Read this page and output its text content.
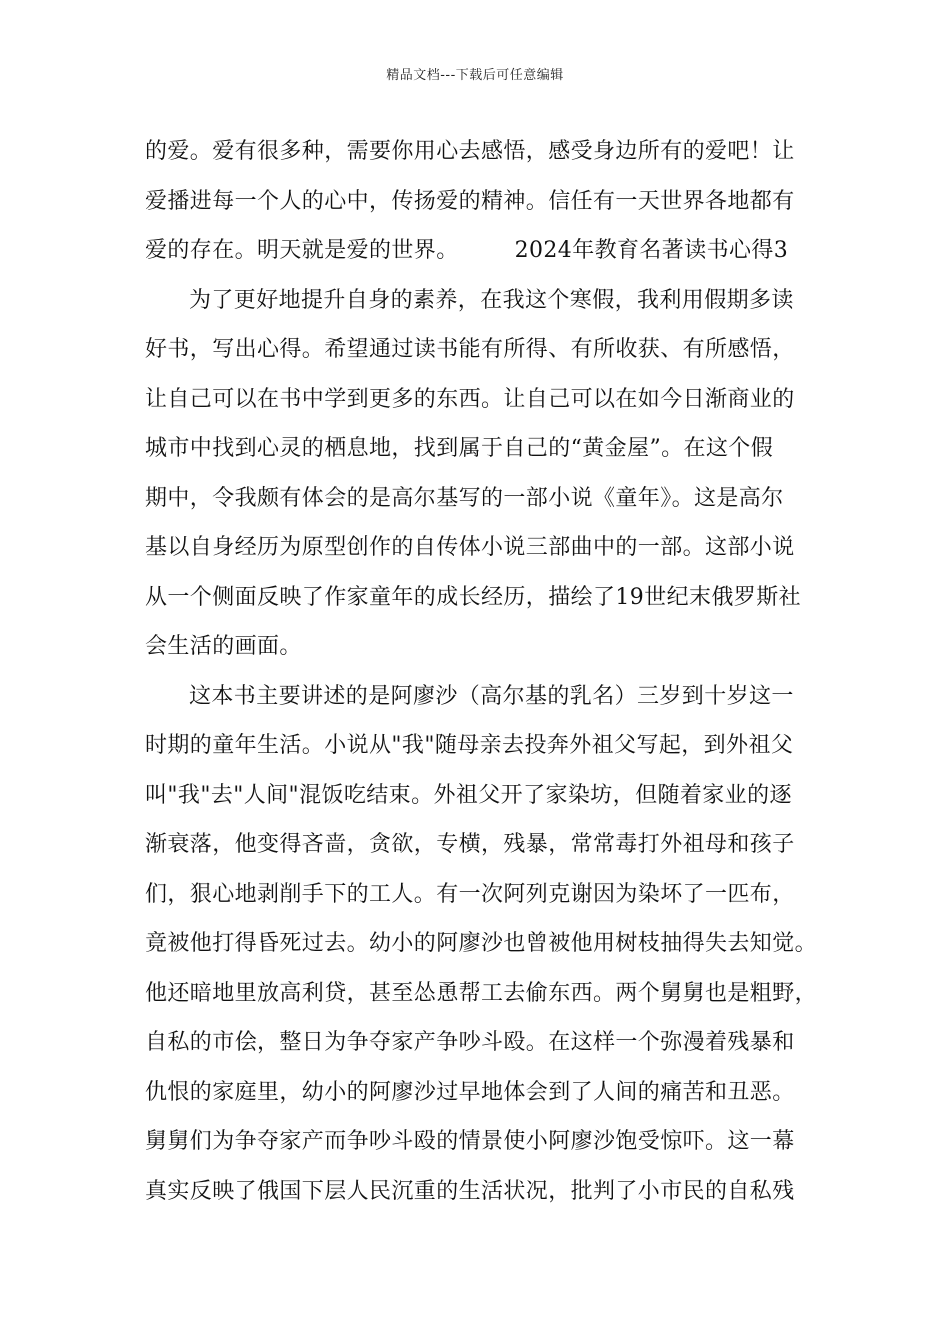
精品文档---下载后可任意编辑
的爱。爱有很多种，需要你用心去感悟，感受身边所有的爱吧！让
爱播进每一个人的心中，传扬爱的精神。信任有一天世界各地都有
爱的存在。明天就是爱的世界。	2024年教育名著读书心得3
为了更好地提升自身的素养，在我这个寒假，我利用假期多读
好书，写出心得。希望通过读书能有所得、有所收获、有所感悟，
让自己可以在书中学到更多的东西。让自己可以在如今日渐商业的
城市中找到心灵的栖息地，找到属于自己的“黄金屋”。在这个假
期中，令我颇有体会的是高尔基写的一部小说《童年》。这是高尔
基以自身经历为原型创作的自传体小说三部曲中的一部。这部小说
从一个侧面反映了作家童年的成长经历，描绘了19世纪末俄罗斯社
会生活的画面。
这本书主要讲述的是阿廖沙（高尔基的乳名）三岁到十岁这一
时期的童年生活。小说从"我"随母亲去投奔外祖父写起，到外祖父
叫"我"去"人间"混饭吃结束。外祖父开了家染坊，但随着家业的逐
渐衰落，他变得吝啬，贪欲，专横，残暴，常常毒打外祖母和孩子
们，狠心地剥削手下的工人。有一次阿列克谢因为染坏了一匹布，
竟被他打得昏死过去。幼小的阿廖沙也曾被他用树枝抽得失去知觉。
他还暗地里放高利贷，甚至怂恿帮工去偷东西。两个舅舅也是粗野，
自私的市侩，整日为争夺家产争吵斗殴。在这样一个弥漫着残暴和
仇恨的家庭里，幼小的阿廖沙过早地体会到了人间的痛苦和丑恶。
舅舅们为争夺家产而争吵斗殴的情景使小阿廖沙饱受惊吓。这一幕
真实反映了俄国下层人民沉重的生活状况，批判了小市民的自私残
